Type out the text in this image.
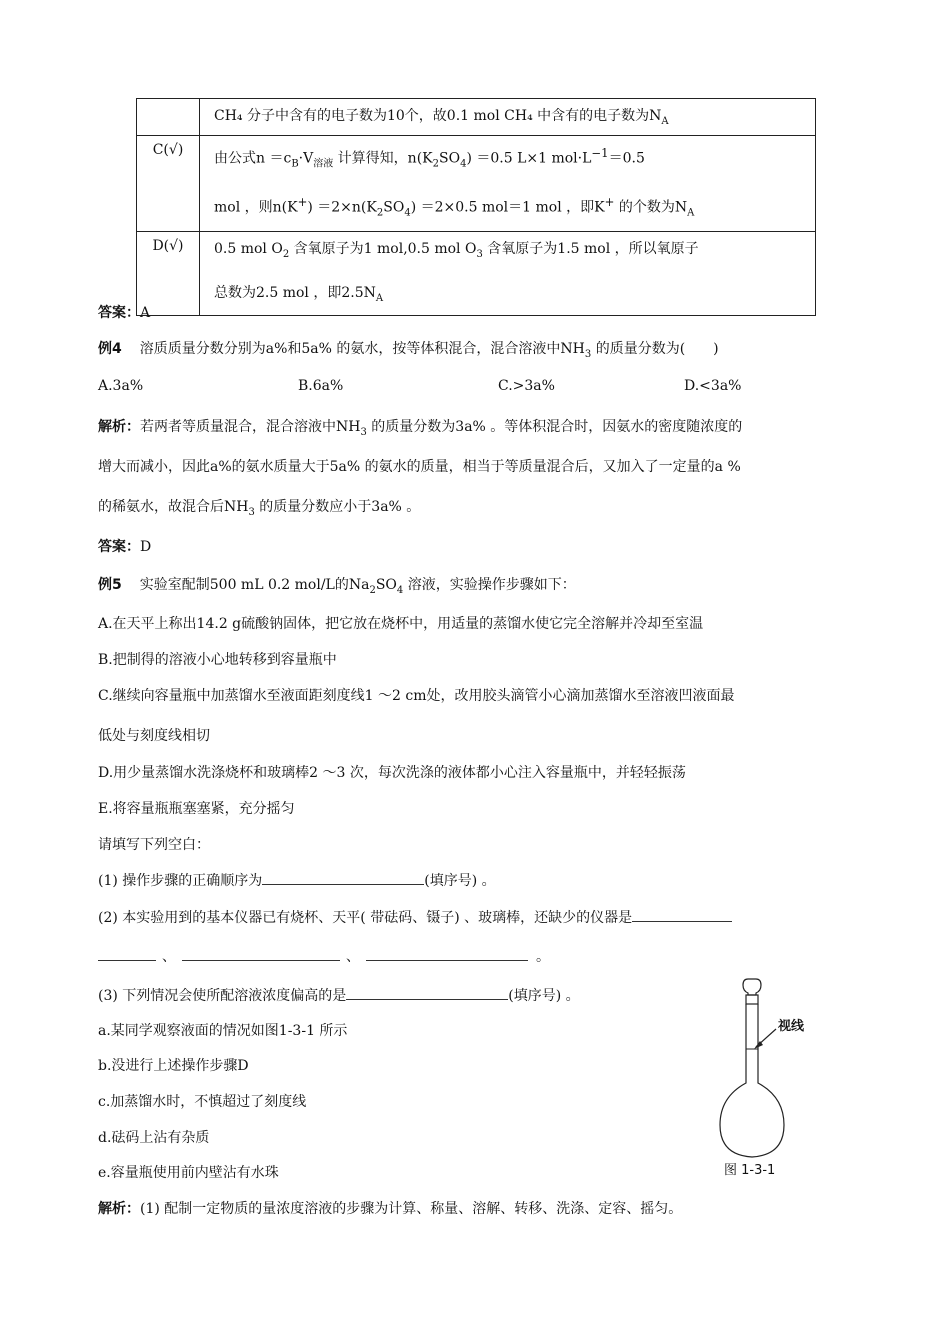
	CH₄ 分子中含有的电子数为10个，故0.1 mol CH₄ 中含有的电子数为$N_A$

C(√)	由公式$n =c_B\cdot V_{溶液}$ 计算得知，$n(K_2SO_4) =0.5$ L×1 $mol\cdot L^{-1}=0.5$
mol ，则$n(K^+) =2\times n(K_2SO_4) =2\times 0.5$ mol＝1 mol ，即K+ 的个数为$N_A$

D(√)	0.5 mol $O_2$ 含氧原子为1 mol,0.5 mol $O_3$ 含氧原子为1.5 mol ，所以氧原子
总数为2.5 mol ，即$2.5N_A$
答案：A
例4 溶质质量分数分别为a%和5a% 的氨水，按等体积混合，混合溶液中$NH_3$ 的质量分数为(　　)
A.3a%	B.6a%	C.>3a%	D.<3a%
解析：若两者等质量混合，混合溶液中$NH_3$ 的质量分数为3a% 。等体积混合时，因氨水的密度随浓度的
增大而减小，因此a%的氨水质量大于5a% 的氨水的质量，相当于等质量混合后，又加入了一定量的a %
的稀氨水，故混合后$NH_3$ 的质量分数应小于3a% 。
答案：D
例5 实验室配制500 mL 0.2 mol/L的$Na_2SO_4$ 溶液，实验操作步骤如下：
A.在天平上称出14.2 g硫酸钠固体，把它放在烧杯中，用适量的蒸馏水使它完全溶解并冷却至室温
B.把制得的溶液小心地转移到容量瓶中
C.继续向容量瓶中加蒸馏水至液面距刻度线1 ～2 cm处，改用胶头滴管小心滴加蒸馏水至溶液凹液面最
低处与刻度线相切
D.用少量蒸馏水洗涤烧杯和玻璃棒2 ～3 次，每次洗涤的液体都小心注入容量瓶中，并轻轻振荡
E.将容量瓶瓶塞塞紧，充分摇匀
请填写下列空白：
(1) 操作步骤的正确顺序为	(填序号) 。
(2) 本实验用到的基本仪器已有烧杯、天平( 带砝码、镊子) 、玻璃棒，还缺少的仪器是
、	、	。
(3) 下列情况会使所配溶液浓度偏高的是	(填序号) 。
a.某同学观察液面的情况如图1-3-1 所示
b.没进行上述操作步骤D
c.加蒸馏水时，不慎超过了刻度线
d.砝码上沾有杂质
e.容量瓶使用前内壁沾有水珠
解析：(1) 配制一定物质的量浓度溶液的步骤为计算、称量、溶解、转移、洗涤、定容、摇匀。
视线
图 1-3-1
